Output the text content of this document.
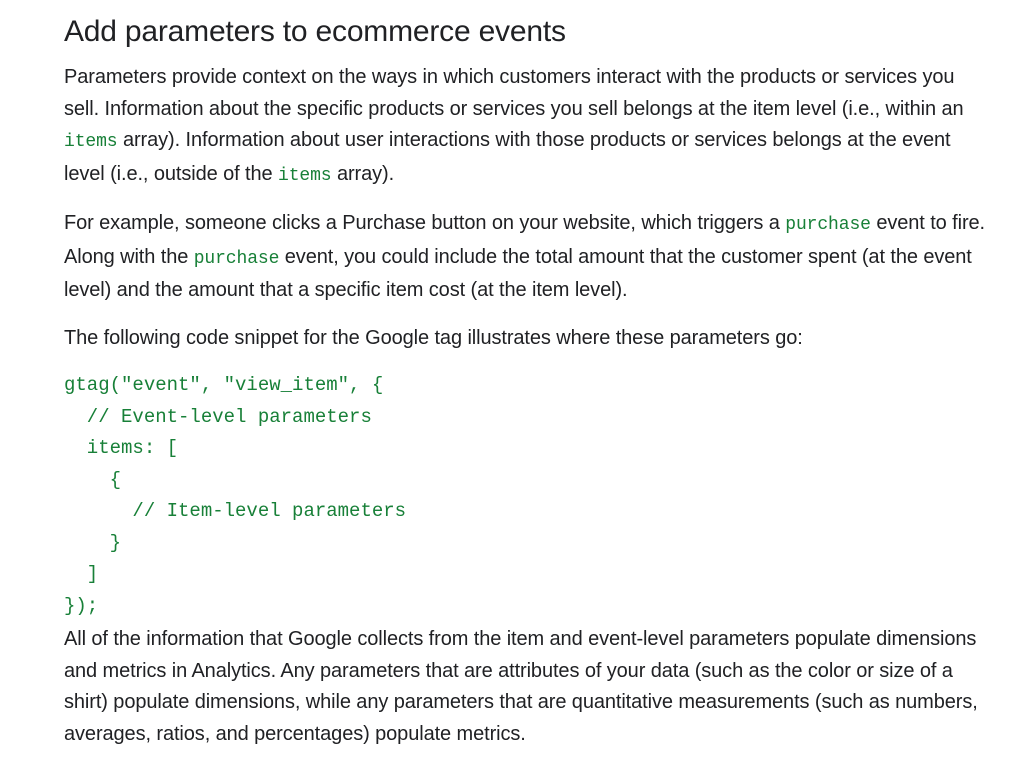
Add parameters to ecommerce events

Parameters provide context on the ways in which customers interact with the products or services you sell. Information about the specific products or services you sell belongs at the item level (i.e., within an items array). Information about user interactions with those products or services belongs at the event level (i.e., outside of the items array).

For example, someone clicks a Purchase button on your website, which triggers a purchase event to fire. Along with the purchase event, you could include the total amount that the customer spent (at the event level) and the amount that a specific item cost (at the item level).

The following code snippet for the Google tag illustrates where these parameters go:

gtag("event", "view_item", {
// Event-level parameters
items: [
{
// Item-level parameters
}
]
});

All of the information that Google collects from the item and event-level parameters populate dimensions and metrics in Analytics. Any parameters that are attributes of your data (such as the color or size of a shirt) populate dimensions, while any parameters that are quantitative measurements (such as numbers, averages, ratios, and percentages) populate metrics.
